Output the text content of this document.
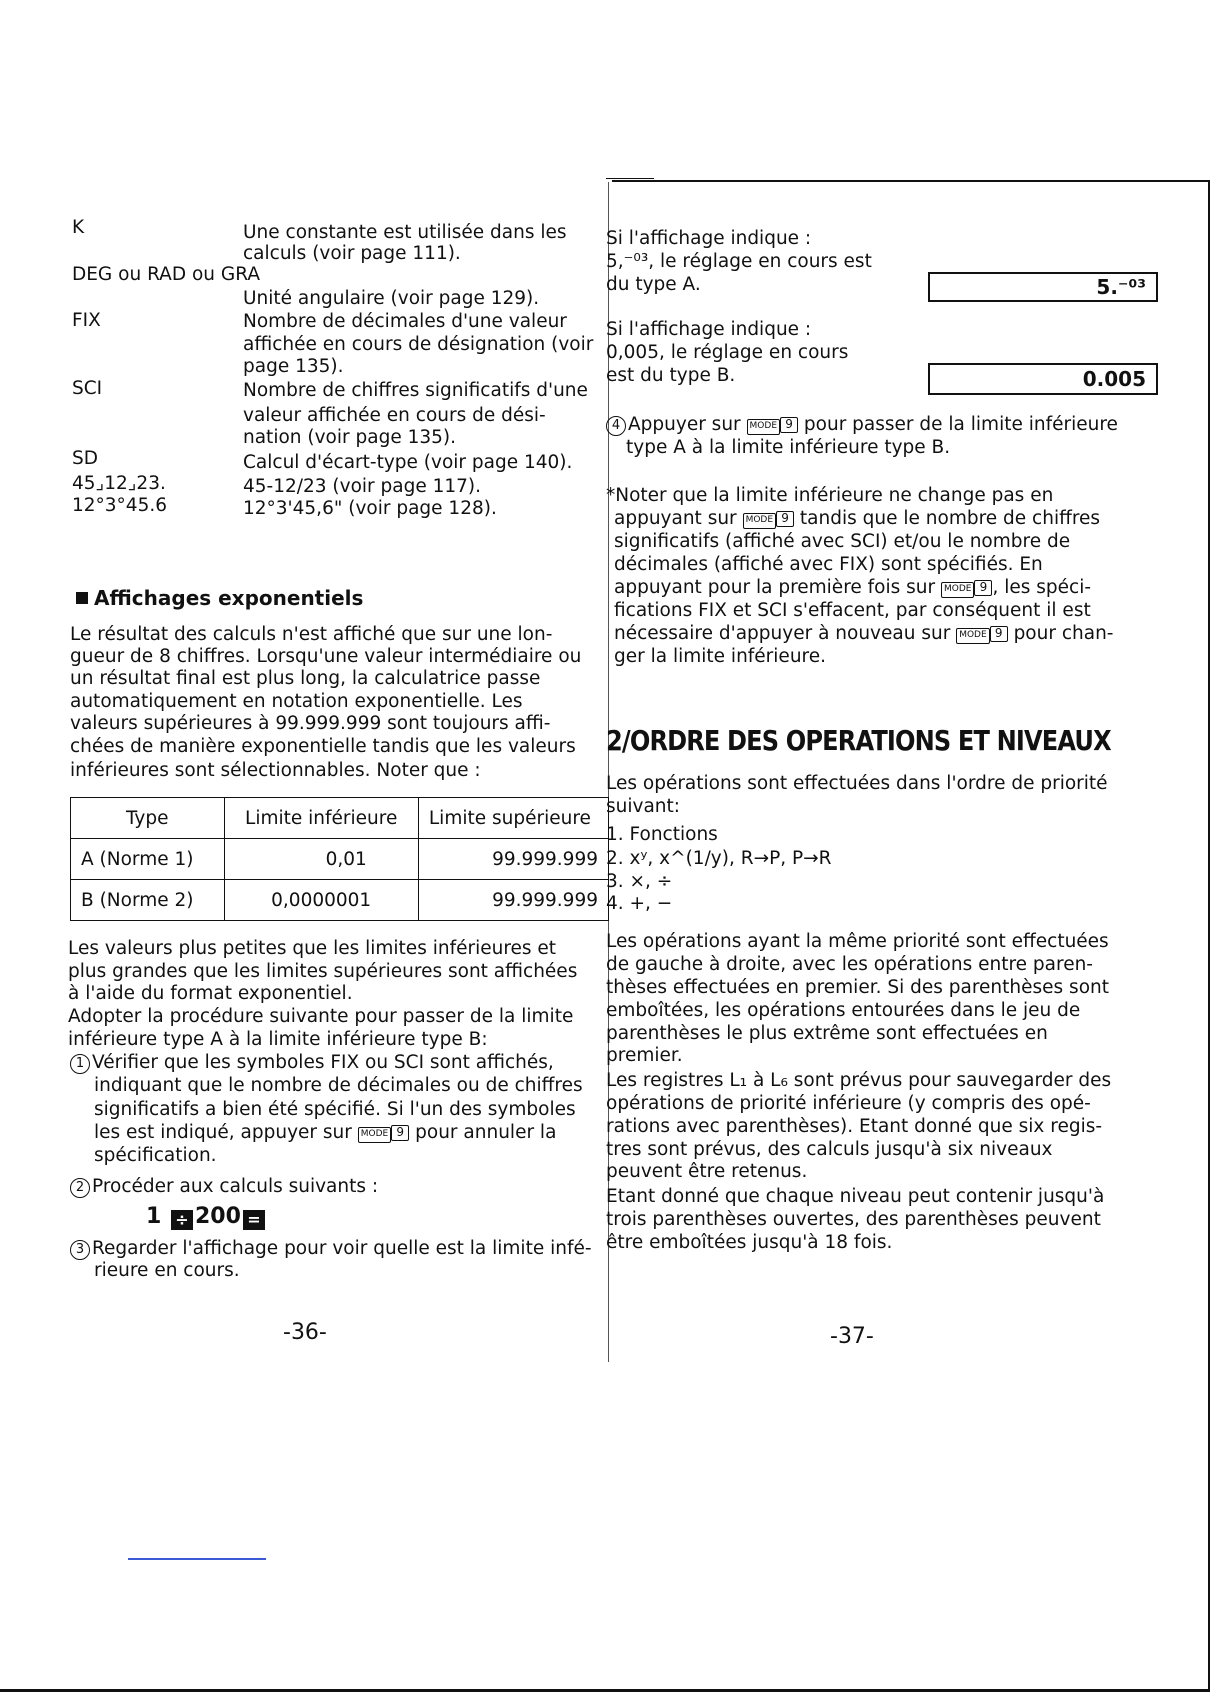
K	Une constante est utilisée dans les
calculs (voir page 111).
DEG ou RAD ou GRA
Unité angulaire (voir page 129).
FIX	Nombre de décimales d'une valeur
affichée en cours de désignation (voir
page 135).
SCI	Nombre de chiffres significatifs d'une
valeur affichée en cours de dési-
nation (voir page 135).
SD	Calcul d'écart-type (voir page 140).
45⌟12⌟23.	45-12/23 (voir page 117).
12°3°45.6	12°3'45,6" (voir page 128).
Affichages exponentiels
Le résultat des calculs n'est affiché que sur une lon-
gueur de 8 chiffres. Lorsqu'une valeur intermédiaire ou
un résultat final est plus long, la calculatrice passe
automatiquement en notation exponentielle. Les
valeurs supérieures à 99.999.999 sont toujours affi-
chées de manière exponentielle tandis que les valeurs
inférieures sont sélectionnables. Noter que :
Type	Limite inférieure	Limite supérieure
A (Norme 1)	0,01	99.999.999
B (Norme 2)	0,0000001	99.999.999
Les valeurs plus petites que les limites inférieures et
plus grandes que les limites supérieures sont affichées
à l'aide du format exponentiel.
Adopter la procédure suivante pour passer de la limite
inférieure type A à la limite inférieure type B:
1 Vérifier que les symboles FIX ou SCI sont affichés,
indiquant que le nombre de décimales ou de chiffres
significatifs a bien été spécifié. Si l'un des symboles
les est indiqué, appuyer sur MODE 9 pour annuler la
spécification.
2 Procéder aux calculs suivants :
1 ÷ 200 =
3 Regarder l'affichage pour voir quelle est la limite infé-
rieure en cours.
-36-
Si l'affichage indique :
5,⁻⁰³, le réglage en cours est
du type A.	5.⁻⁰³
Si l'affichage indique :
0,005, le réglage en cours
est du type B.	0.005
4 Appuyer sur MODE 9 pour passer de la limite inférieure
type A à la limite inférieure type B.
*Noter que la limite inférieure ne change pas en
appuyant sur MODE 9 tandis que le nombre de chiffres
significatifs (affiché avec SCI) et/ou le nombre de
décimales (affiché avec FIX) sont spécifiés. En
appuyant pour la première fois sur MODE 9 , les spéci-
fications FIX et SCI s'effacent, par conséquent il est
nécessaire d'appuyer à nouveau sur MODE 9 pour chan-
ger la limite inférieure.
2/ORDRE DES OPERATIONS ET NIVEAUX
Les opérations sont effectuées dans l'ordre de priorité
suivant:
1. Fonctions
2. xʸ, x^(1/y), R→P, P→R
3. ×, ÷
4. +, −
Les opérations ayant la même priorité sont effectuées
de gauche à droite, avec les opérations entre paren-
thèses effectuées en premier. Si des parenthèses sont
emboîtées, les opérations entourées dans le jeu de
parenthèses le plus extrême sont effectuées en
premier.
Les registres L₁ à L₆ sont prévus pour sauvegarder des
opérations de priorité inférieure (y compris des opé-
rations avec parenthèses). Etant donné que six regis-
tres sont prévus, des calculs jusqu'à six niveaux
peuvent être retenus.
Etant donné que chaque niveau peut contenir jusqu'à
trois parenthèses ouvertes, des parenthèses peuvent
être emboîtées jusqu'à 18 fois.
-37-
